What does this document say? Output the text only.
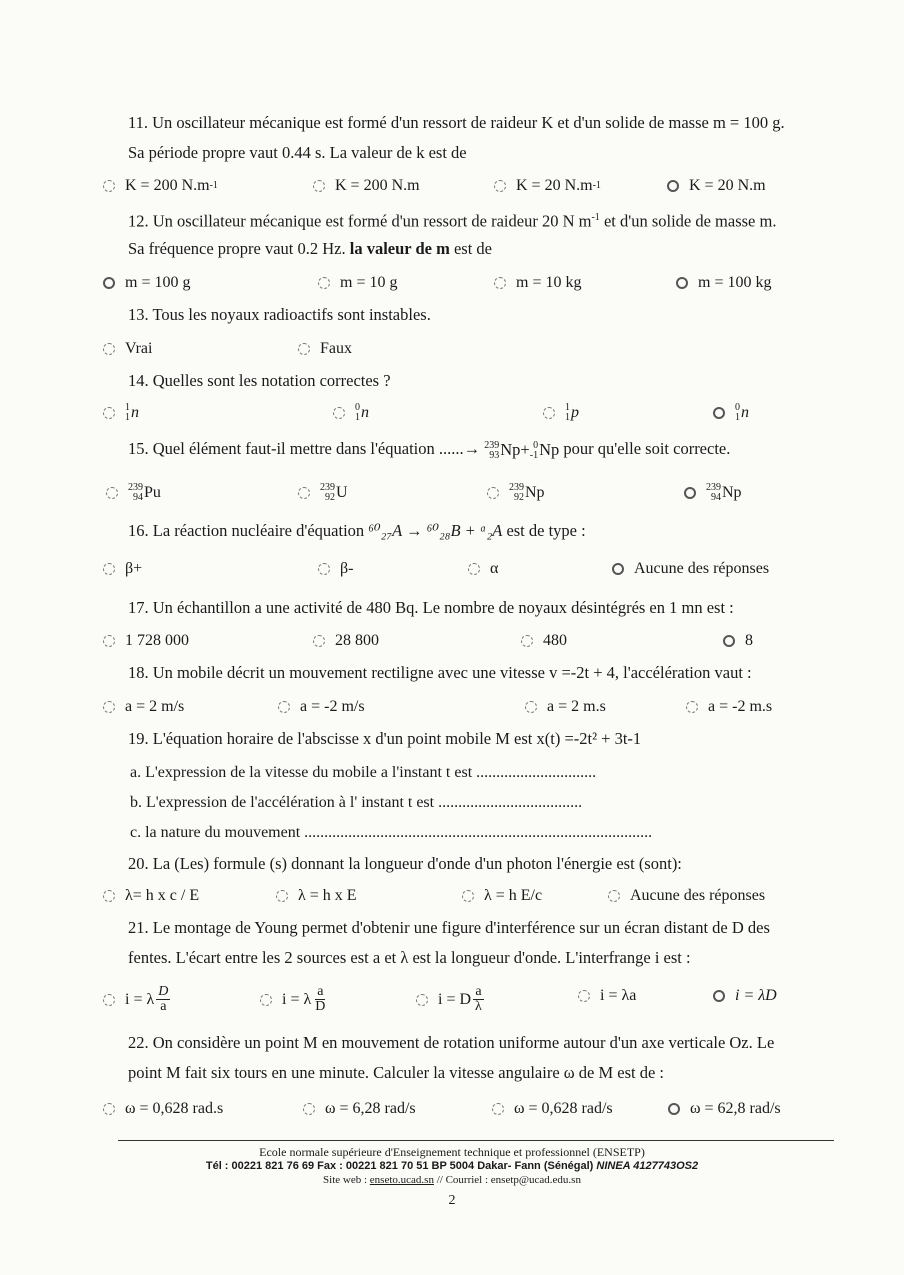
11. Un oscillateur mécanique est formé d'un ressort de raideur K et d'un solide de masse m = 100 g.
Sa période propre vaut 0.44 s. La valeur de k est de
K = 200 N.m -1	K = 200 N.m	K = 20 N.m -1	K = 20 N.m
12. Un oscillateur mécanique est formé d'un ressort de raideur 20 N $m^{-1}$ et d'un solide de masse m.
Sa fréquence propre vaut 0.2 Hz. la valeur de m est de
m = 100 g	m = 10 g	m = 10 kg	m = 100 kg
13. Tous les noyaux radioactifs sont instables.
Vrai	Faux
14. Quelles sont les notation correctes ?
1
1 n	0
1 n	1
1 p	0
1 n
15. Quel élément faut-il mettre dans l'équation ......→ 239
93 Np+ 0
-1 Np pour qu'elle soit correcte.
239
94 Pu	239
92 U	239
92 Np	239
94 Np
16. La réaction nucléaire d'équation ⁶⁰₂₇A → ⁶⁰₂₈B + ᵅ₂A est de type :
β+	β-	α	Aucune des réponses
17. Un échantillon a une activité de 480 Bq. Le nombre de noyaux désintégrés en 1 mn est :
1 728 000	28 800	480	8
18. Un mobile décrit un mouvement rectiligne avec une vitesse v =-2t + 4, l'accélération vaut :
a = 2 m/s	a = -2 m/s	a = 2 m.s	a = -2 m.s
19. L'équation horaire de l'abscisse x d'un point mobile M est x(t) =-2t² + 3t-1
a. L'expression de la vitesse du mobile a l'instant t est ..............................
b. L'expression de l'accélération à l' instant t est ....................................
c. la nature du mouvement .......................................................................................
20. La (Les) formule (s) donnant la longueur d'onde d'un photon l'énergie est (sont):
λ= h x c / E	λ = h x E	λ = h E/c	Aucune des réponses
21. Le montage de Young permet d'obtenir une figure d'interférence sur un écran distant de D des
fentes. L'écart entre les 2 sources est a et λ est la longueur d'onde. L'interfrange i est :
i = λ $\frac{D}{a}$	i = λ $\frac{a}{D}$	i = D $\frac{a}{\lambda}$	i = λa	i = λD
22. On considère un point M en mouvement de rotation uniforme autour d'un axe verticale Oz. Le
point M fait six tours en une minute. Calculer la vitesse angulaire ω de M est de :
ω = 0,628 rad.s	ω = 6,28 rad/s	ω = 0,628 rad/s	ω = 62,8 rad/s
Ecole normale supérieure d'Enseignement technique et professionnel (ENSETP)
Tél : 00221 821 76 69 Fax : 00221 821 70 51 BP 5004 Dakar- Fann (Sénégal) NINEA 4127743OS2
Site web : enseto.ucad.sn // Courriel : ensetp@ucad.edu.sn
2
